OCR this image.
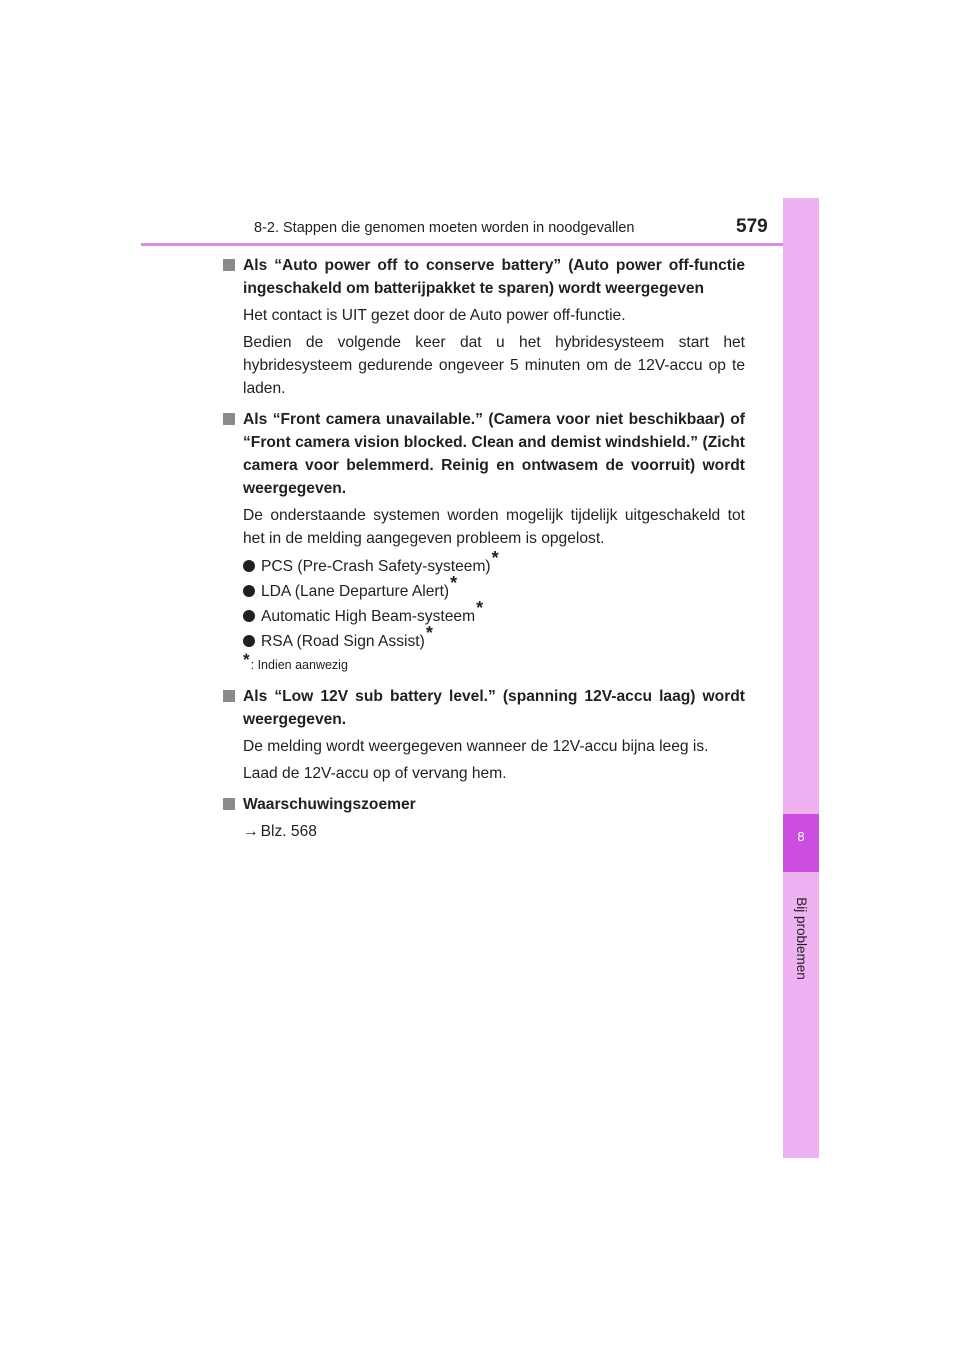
8-2. Stappen die genomen moeten worden in noodgevallen	579
8
Bij problemen
Als “Auto power off to conserve battery” (Auto power off-functie ingeschakeld om batterijpakket te sparen) wordt weergegeven
Het contact is UIT gezet door de Auto power off-functie.
Bedien de volgende keer dat u het hybridesysteem start het hybridesysteem gedurende ongeveer 5 minuten om de 12V-accu op te laden.
Als “Front camera unavailable.” (Camera voor niet beschikbaar) of “Front camera vision blocked. Clean and demist windshield.” (Zicht camera voor belemmerd. Reinig en ontwasem de voorruit) wordt weergegeven.
De onderstaande systemen worden mogelijk tijdelijk uitgeschakeld tot het in de melding aangegeven probleem is opgelost.
PCS (Pre-Crash Safety-systeem)*
LDA (Lane Departure Alert)*
Automatic High Beam-systeem*
RSA (Road Sign Assist)*
*: Indien aanwezig
Als “Low 12V sub battery level.” (spanning 12V-accu laag) wordt weergegeven.
De melding wordt weergegeven wanneer de 12V-accu bijna leeg is.
Laad de 12V-accu op of vervang hem.
Waarschuwingszoemer
→ Blz. 568
